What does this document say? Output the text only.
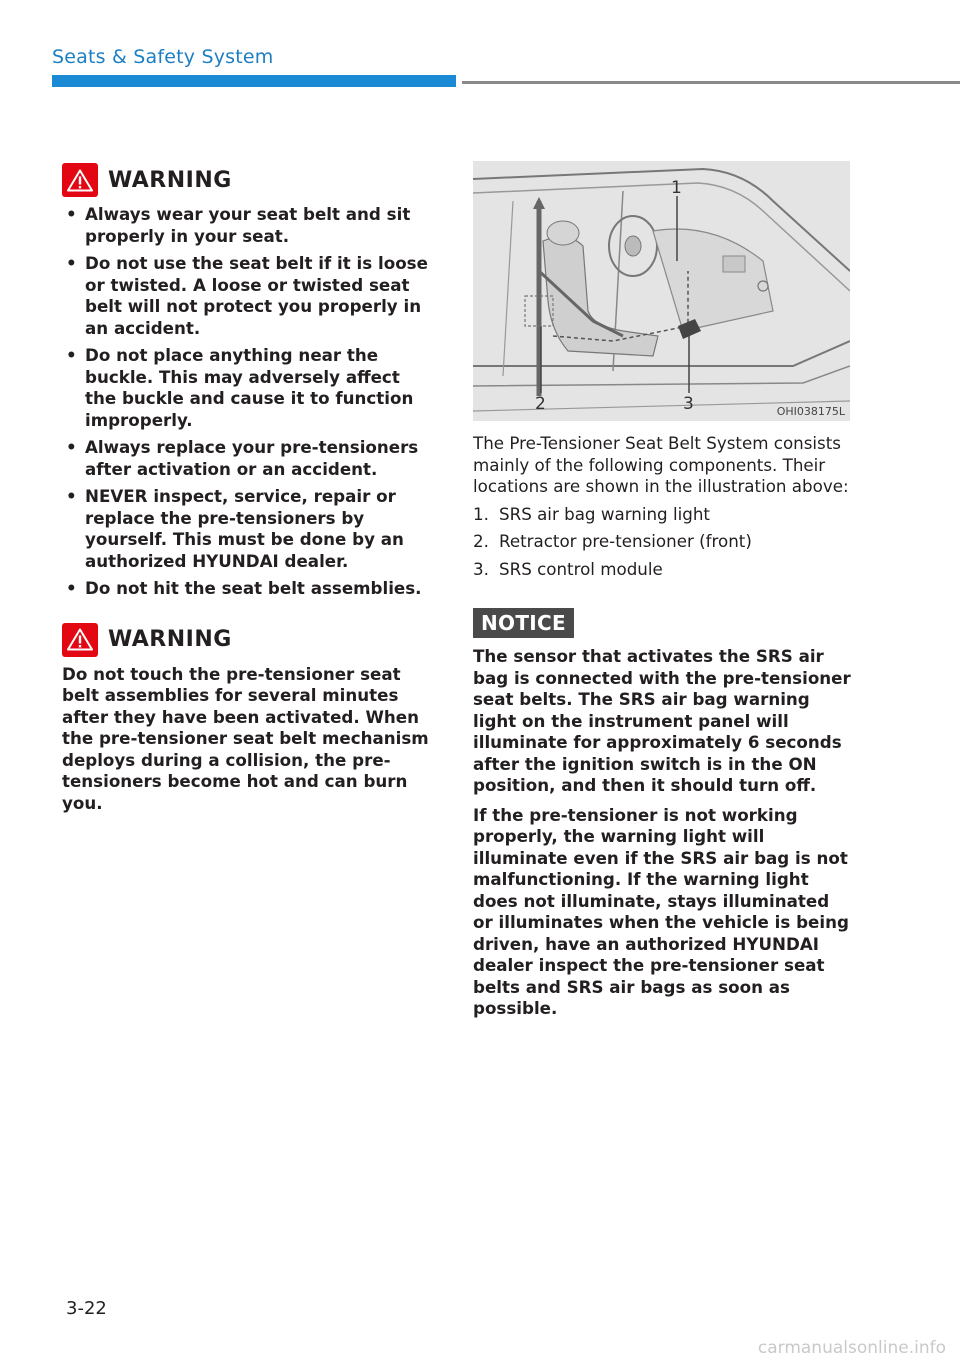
Seats & Safety System
WARNING
• Always wear your seat belt and sit properly in your seat.
• Do not use the seat belt if it is loose or twisted. A loose or twisted seat belt will not protect you properly in an accident.
• Do not place anything near the buckle. This may adversely affect the buckle and cause it to function improperly.
• Always replace your pre-tensioners after activation or an accident.
• NEVER inspect, service, repair or replace the pre-tensioners by yourself. This must be done by an authorized HYUNDAI dealer.
• Do not hit the seat belt assemblies.
WARNING

Do not touch the pre-tensioner seat belt assemblies for several minutes after they have been activated. When the pre-tensioner seat belt mechanism deploys during a collision, the pre-tensioners become hot and can burn you.

1
2	3	OHI038175L

The Pre-Tensioner Seat Belt System consists mainly of the following components. Their locations are shown in the illustration above:

1. SRS air bag warning light
2. Retractor pre-tensioner (front)
3. SRS control module
NOTICE

The sensor that activates the SRS air bag is connected with the pre-tensioner seat belts. The SRS air bag warning light on the instrument panel will illuminate for approximately 6 seconds after the ignition switch is in the ON position, and then it should turn off.

If the pre-tensioner is not working properly, the warning light will illuminate even if the SRS air bag is not malfunctioning. If the warning light does not illuminate, stays illuminated or illuminates when the vehicle is being driven, have an authorized HYUNDAI dealer inspect the pre-tensioner seat belts and SRS air bags as soon as possible.

3-22
carmanualsonline.info
